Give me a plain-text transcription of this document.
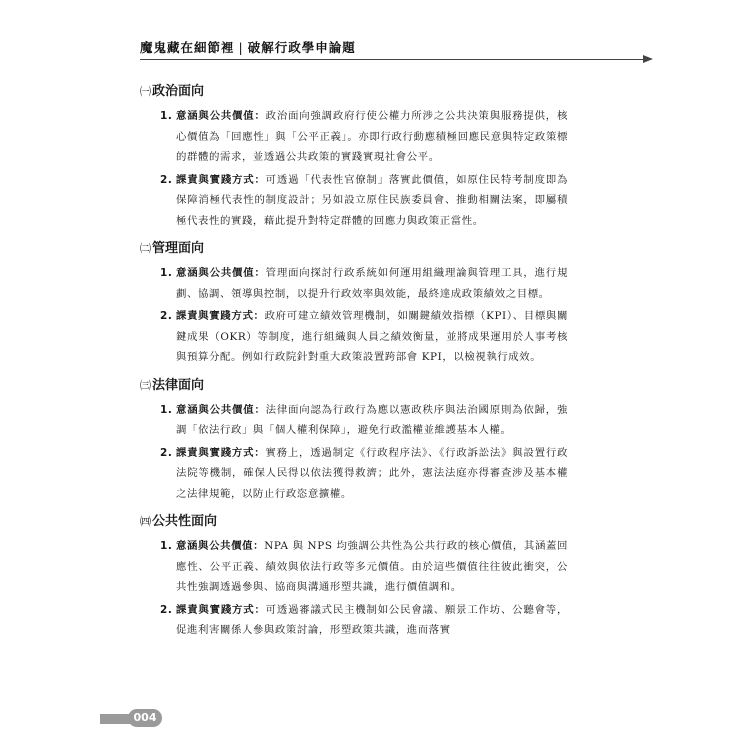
魔鬼藏在細節裡 | 破解行政學申論題
㈠政治面向
1. 意涵與公共價值：政治面向強調政府行使公權力所涉之公共決策與服務提供，核心價值為「回應性」與「公平正義」。亦即行政行動應積極回應民意與特定政策標的群體的需求，並透過公共政策的實踐實現社會公平。
2. 課責與實踐方式：可透過「代表性官僚制」落實此價值，如原住民特考制度即為保障消極代表性的制度設計；另如設立原住民族委員會、推動相關法案，即屬積極代表性的實踐，藉此提升對特定群體的回應力與政策正當性。
㈡管理面向
1. 意涵與公共價值：管理面向探討行政系統如何運用組織理論與管理工具，進行規劃、協調、領導與控制，以提升行政效率與效能，最終達成政策績效之目標。
2. 課責與實踐方式：政府可建立績效管理機制，如關鍵績效指標（KPI）、目標與關鍵成果（OKR）等制度，進行組織與人員之績效衡量，並將成果運用於人事考核與預算分配。例如行政院針對重大政策設置跨部會 KPI，以檢視執行成效。
㈢法律面向
1. 意涵與公共價值：法律面向認為行政行為應以憲政秩序與法治國原則為依歸，強調「依法行政」與「個人權利保障」，避免行政濫權並維護基本人權。
2. 課責與實踐方式：實務上，透過制定《行政程序法》、《行政訴訟法》與設置行政法院等機制，確保人民得以依法獲得救濟；此外，憲法法庭亦得審查涉及基本權之法律規範，以防止行政恣意擴權。
㈣公共性面向
1. 意涵與公共價值：NPA 與 NPS 均強調公共性為公共行政的核心價值，其涵蓋回應性、公平正義、績效與依法行政等多元價值。由於這些價值往往彼此衝突，公共性強調透過參與、協商與溝通形塑共識，進行價值調和。
2. 課責與實踐方式：可透過審議式民主機制如公民會議、願景工作坊、公聽會等，促進利害關係人參與政策討論，形塑政策共識，進而落實
004
